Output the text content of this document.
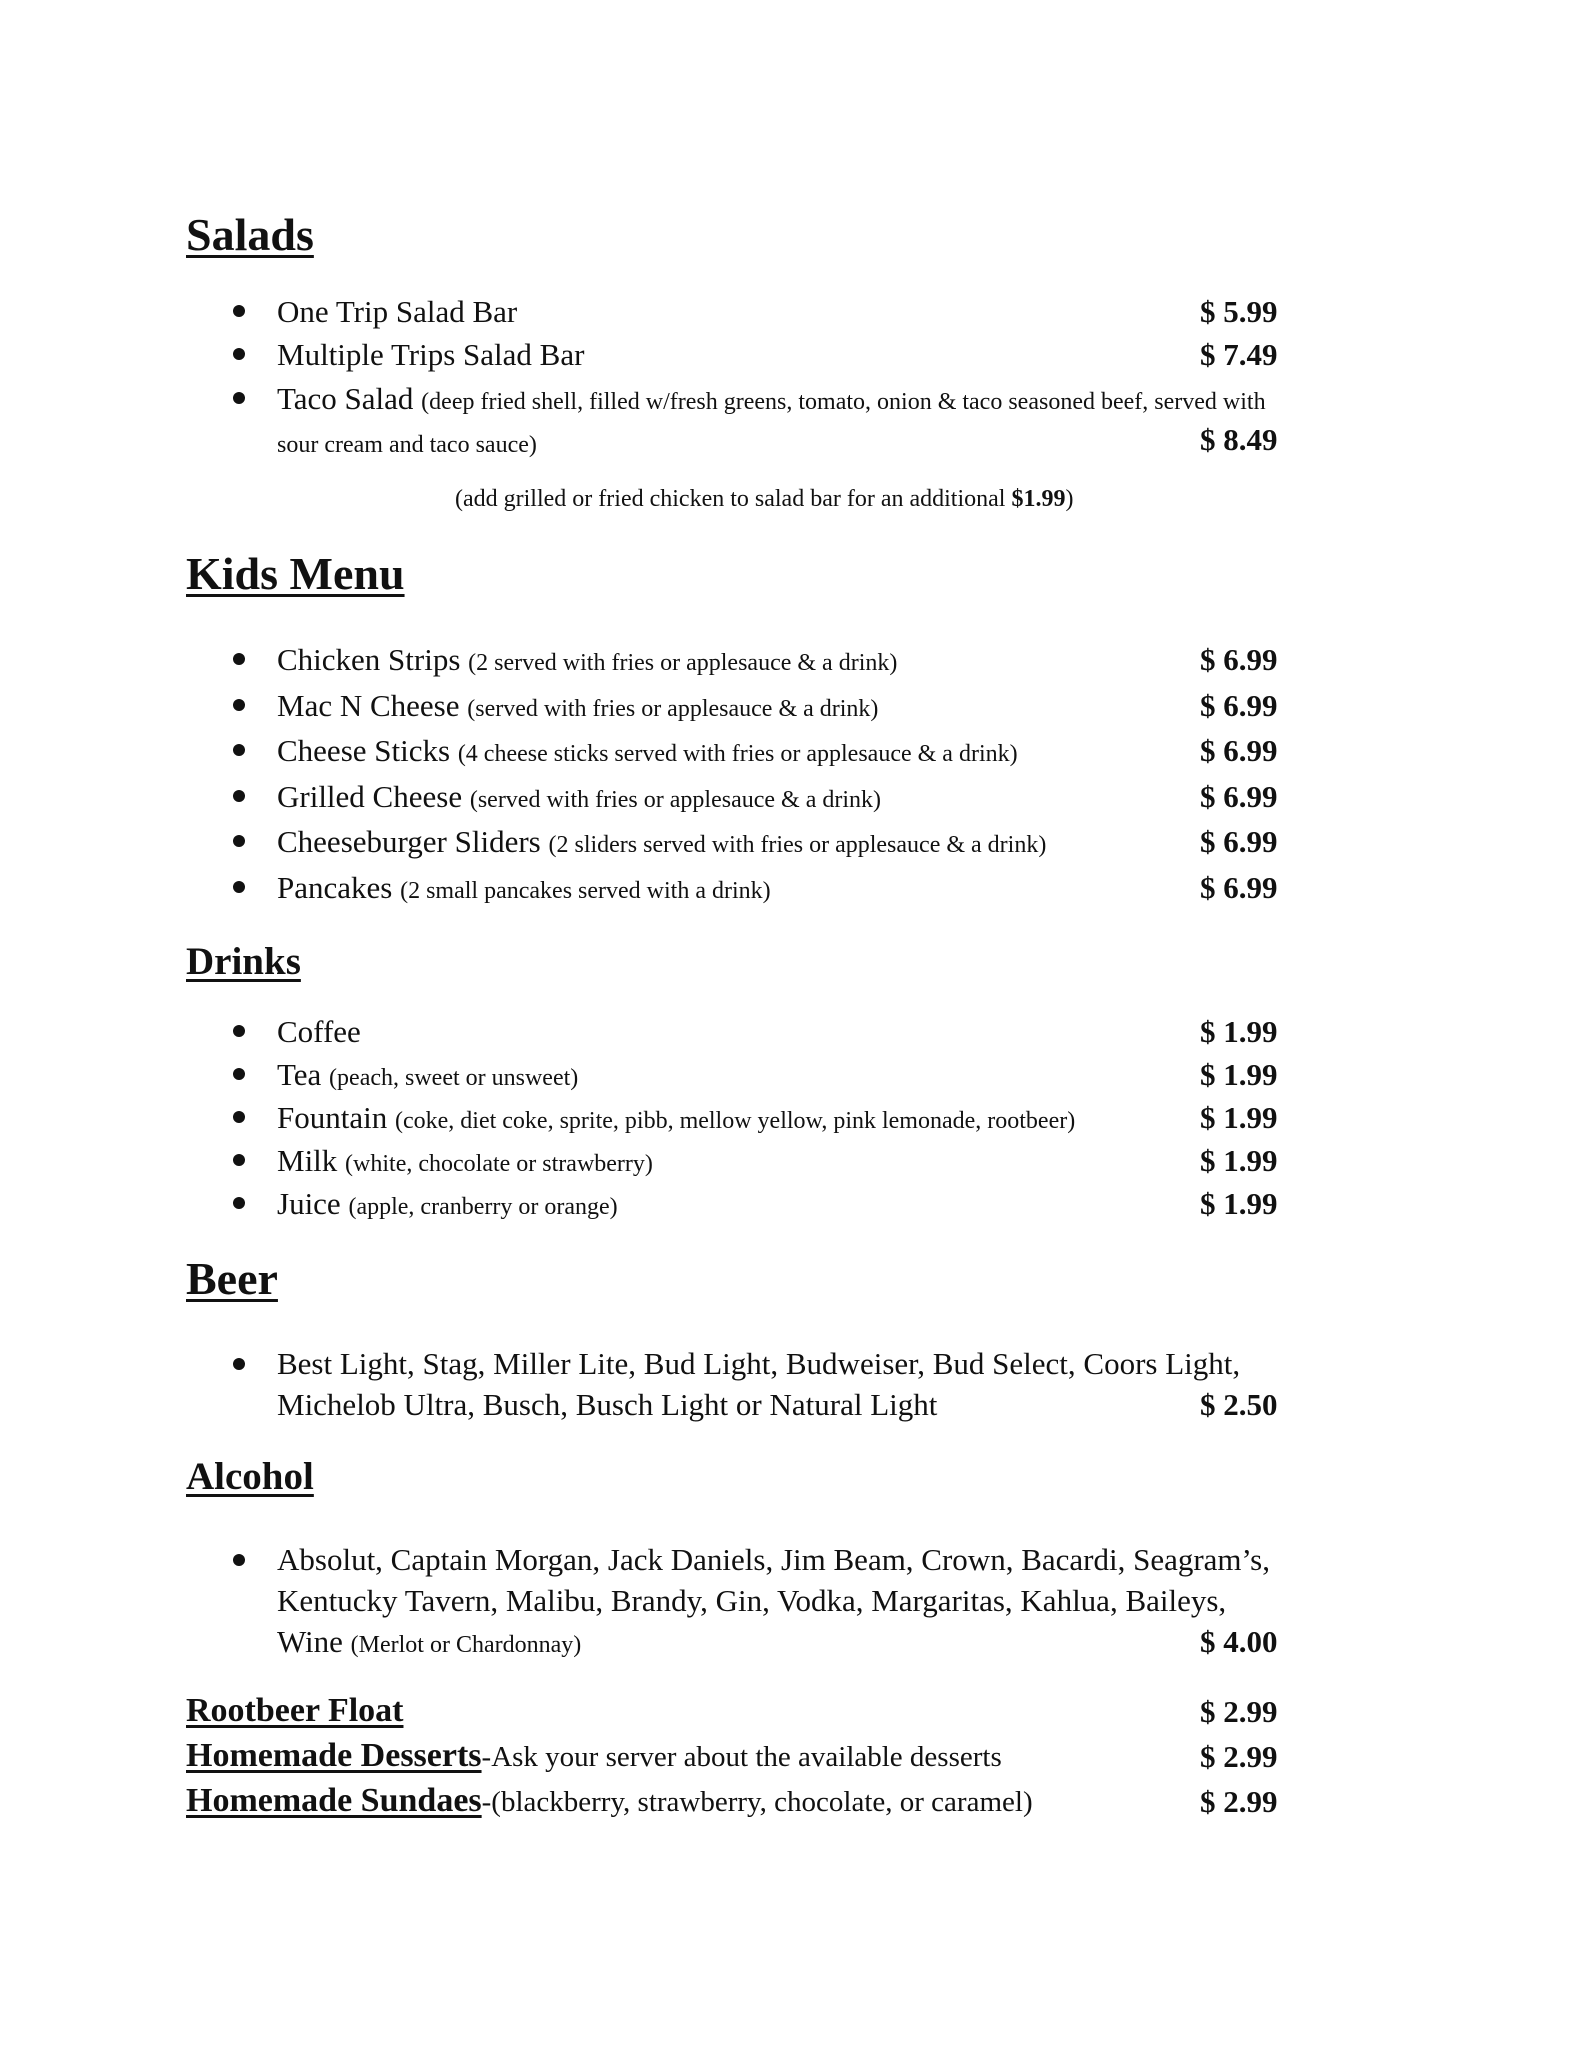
Salads
One Trip Salad Bar	$ 5.99
Multiple Trips Salad Bar	$ 7.49
Taco Salad (deep fried shell, filled w/fresh greens, tomato, onion & taco seasoned beef, served with
sour cream and taco sauce)	$ 8.49
(add grilled or fried chicken to salad bar for an additional $1.99)
Kids Menu
Chicken Strips (2 served with fries or applesauce & a drink)	$ 6.99
Mac N Cheese (served with fries or applesauce & a drink)	$ 6.99
Cheese Sticks (4 cheese sticks served with fries or applesauce & a drink)	$ 6.99
Grilled Cheese (served with fries or applesauce & a drink)	$ 6.99
Cheeseburger Sliders (2 sliders served with fries or applesauce & a drink)	$ 6.99
Pancakes (2 small pancakes served with a drink)	$ 6.99
Drinks
Coffee	$ 1.99
Tea (peach, sweet or unsweet)	$ 1.99
Fountain (coke, diet coke, sprite, pibb, mellow yellow, pink lemonade, rootbeer)	$ 1.99
Milk (white, chocolate or strawberry)	$ 1.99
Juice (apple, cranberry or orange)	$ 1.99
Beer
Best Light, Stag, Miller Lite, Bud Light, Budweiser, Bud Select, Coors Light,
Michelob Ultra, Busch, Busch Light or Natural Light	$ 2.50
Alcohol
Absolut, Captain Morgan, Jack Daniels, Jim Beam, Crown, Bacardi, Seagram’s,
Kentucky Tavern, Malibu, Brandy, Gin, Vodka, Margaritas, Kahlua, Baileys,
Wine (Merlot or Chardonnay)	$ 4.00
Rootbeer Float	$ 2.99
Homemade Desserts-Ask your server about the available desserts	$ 2.99
Homemade Sundaes-(blackberry, strawberry, chocolate, or caramel)	$ 2.99
